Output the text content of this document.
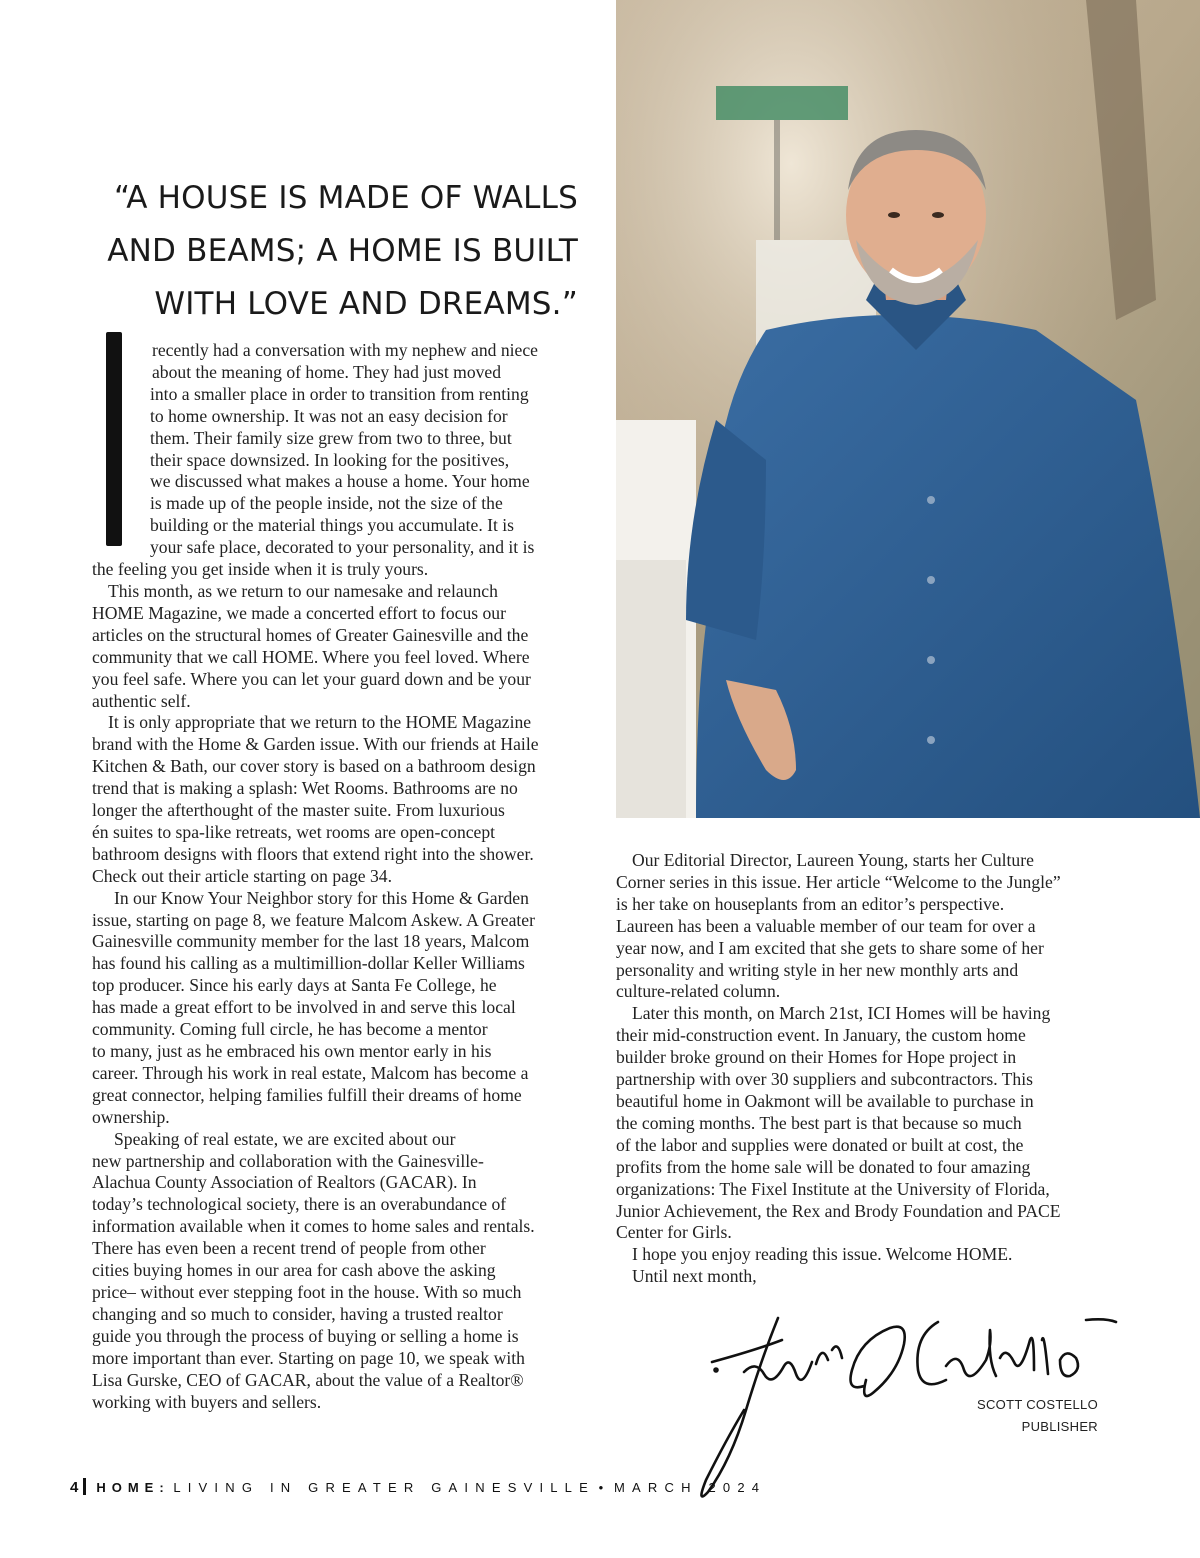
“A HOUSE IS MADE OF WALLS
AND BEAMS; A HOME IS BUILT
WITH LOVE AND DREAMS.”
recently had a conversation with my nephew and niece
about the meaning of home. They had just moved
into a smaller place in order to transition from renting
to home ownership. It was not an easy decision for
them. Their family size grew from two to three, but
their space downsized. In looking for the positives,
we discussed what makes a house a home. Your home
is made up of the people inside, not the size of the
building or the material things you accumulate. It is
your safe place, decorated to your personality, and it is
the feeling you get inside when it is truly yours.
This month, as we return to our namesake and relaunch
HOME Magazine, we made a concerted effort to focus our
articles on the structural homes of Greater Gainesville and the
community that we call HOME. Where you feel loved. Where
you feel safe. Where you can let your guard down and be your
authentic self.
It is only appropriate that we return to the HOME Magazine
brand with the Home & Garden issue. With our friends at Haile
Kitchen & Bath, our cover story is based on a bathroom design
trend that is making a splash: Wet Rooms. Bathrooms are no
longer the afterthought of the master suite. From luxurious
én suites to spa-like retreats, wet rooms are open-concept
bathroom designs with floors that extend right into the shower.
Check out their article starting on page 34.
In our Know Your Neighbor story for this Home & Garden
issue, starting on page 8, we feature Malcom Askew. A Greater
Gainesville community member for the last 18 years, Malcom
has found his calling as a multimillion-dollar Keller Williams
top producer. Since his early days at Santa Fe College, he
has made a great effort to be involved in and serve this local
community. Coming full circle, he has become a mentor
to many, just as he embraced his own mentor early in his
career. Through his work in real estate, Malcom has become a
great connector, helping families fulfill their dreams of home
ownership.
Speaking of real estate, we are excited about our
new partnership and collaboration with the Gainesville-
Alachua County Association of Realtors (GACAR). In
today’s technological society, there is an overabundance of
information available when it comes to home sales and rentals.
There has even been a recent trend of people from other
cities buying homes in our area for cash above the asking
price– without ever stepping foot in the house. With so much
changing and so much to consider, having a trusted realtor
guide you through the process of buying or selling a home is
more important than ever. Starting on page 10, we speak with
Lisa Gurske, CEO of GACAR, about the value of a Realtor®
working with buyers and sellers.
Our Editorial Director, Laureen Young, starts her Culture
Corner series in this issue. Her article “Welcome to the Jungle”
is her take on houseplants from an editor’s perspective.
Laureen has been a valuable member of our team for over a
year now, and I am excited that she gets to share some of her
personality and writing style in her new monthly arts and
culture-related column.
Later this month, on March 21st, ICI Homes will be having
their mid-construction event. In January, the custom home
builder broke ground on their Homes for Hope project in
partnership with over 30 suppliers and subcontractors. This
beautiful home in Oakmont will be available to purchase in
the coming months. The best part is that because so much
of the labor and supplies were donated or built at cost, the
profits from the home sale will be donated to four amazing
organizations: The Fixel Institute at the University of Florida,
Junior Achievement, the Rex and Brody Foundation and PACE
Center for Girls.
I hope you enjoy reading this issue. Welcome HOME.
Until next month,
SCOTT COSTELLO
PUBLISHER
4 HOME: LIVING IN GREATER GAINESVILLE • MARCH 2024
